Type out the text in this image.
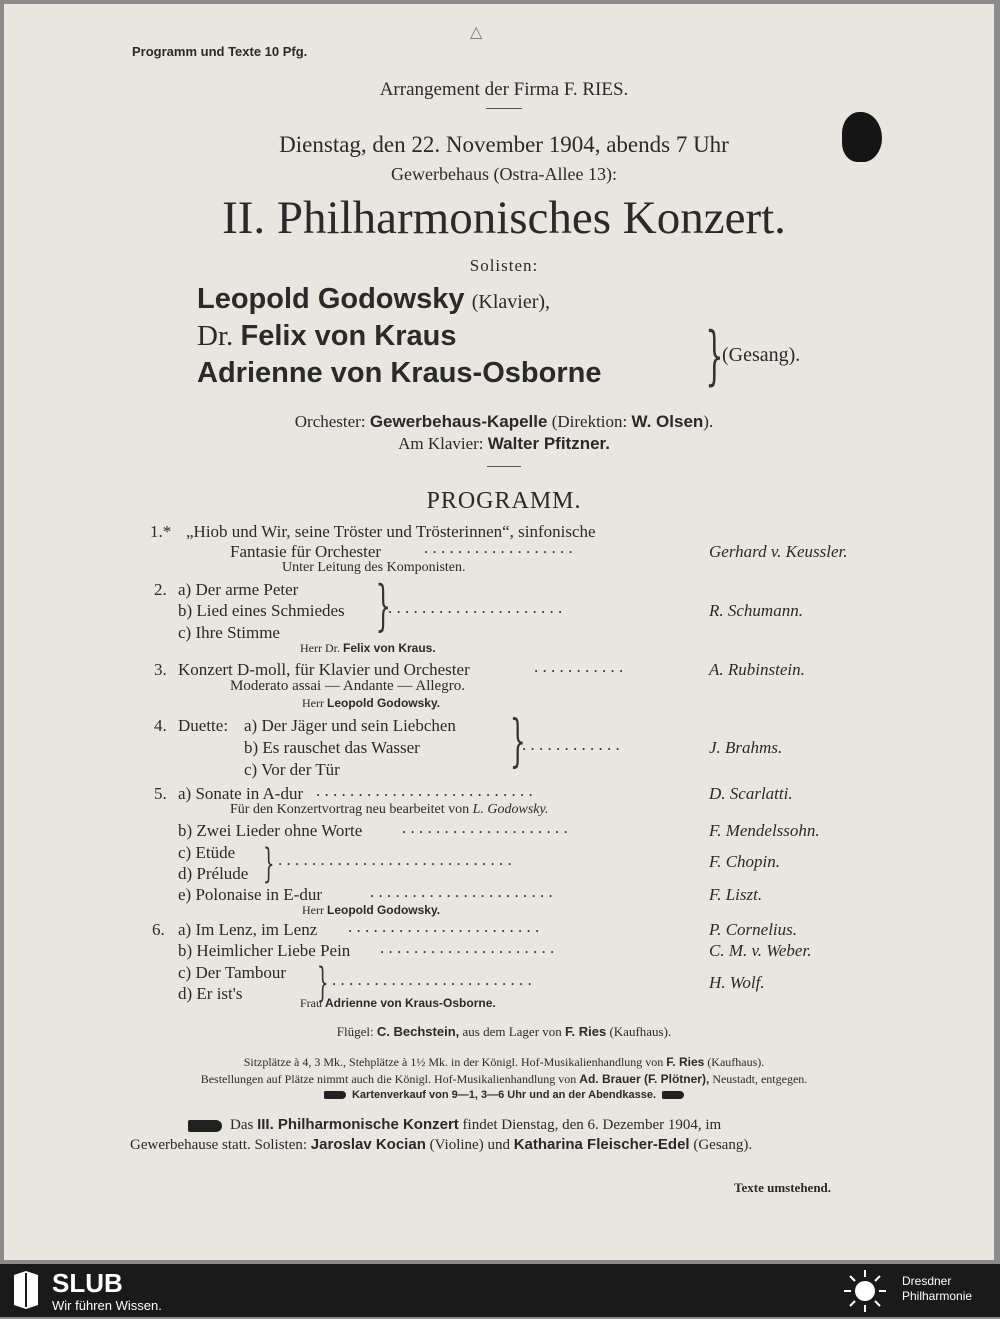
Programm und Texte 10 Pfg.
△
Arrangement der Firma F. RIES.
Dienstag, den 22. November 1904, abends 7 Uhr
Gewerbehaus (Ostra-Allee 13):
II. Philharmonisches Konzert.
Solisten:
Leopold Godowsky (Klavier),
Dr. Felix von Kraus
Adrienne von Kraus-Osborne }
(Gesang).
Orchester: Gewerbehaus-Kapelle (Direktion: W. Olsen).
Am Klavier: Walter Pfitzner.
PROGRAMM.
1.* „Hiob und Wir, seine Tröster und Trösterinnen“, sinfonische
Fantasie für Orchester	. . . . . . . . . . . . . . . . . .	Gerhard v. Keussler.
Unter Leitung des Komponisten.
2. a) Der arme Peter
b) Lied eines Schmiedes
c) Ihre Stimme }
. . . . . . . . . . . . . . . . . . . . .	R. Schumann.
Herr Dr. Felix von Kraus.
3. Konzert D-moll, für Klavier und Orchester	. . . . . . . . . . .	A. Rubinstein.
Moderato assai — Andante — Allegro.
Herr Leopold Godowsky.
4. Duette: a) Der Jäger und sein Liebchen
b) Es rauschet das Wasser
c) Vor der Tür	}
. . . . . . . . . . . .	J. Brahms.
5. a) Sonate in A-dur . . . . . . . . . . . . . . . . . . . . . . . . . .	D. Scarlatti.
Für den Konzertvortrag neu bearbeitet von L. Godowsky.
b) Zwei Lieder ohne Worte . . . . . . . . . . . . . . . . . . . .	F. Mendelssohn.
c) Etüde
d) Prélude } . . . . . . . . . . . . . . . . . . . . . . . . . . . .	F. Chopin.
e) Polonaise in E-dur	. . . . . . . . . . . . . . . . . . . . . .	F. Liszt.
Herr Leopold Godowsky.
6. a) Im Lenz, im Lenz . . . . . . . . . . . . . . . . . . . . . . .	P. Cornelius.
b) Heimlicher Liebe Pein . . . . . . . . . . . . . . . . . . . . .	C. M. v. Weber.
c) Der Tambour
d) Er ist's } . . . . . . . . . . . . . . . . . . . . . . . .	H. Wolf.
Frau Adrienne von Kraus-Osborne.
Flügel: C. Bechstein, aus dem Lager von F. Ries (Kaufhaus).
Sitzplätze à 4, 3 Mk., Stehplätze à 1½ Mk. in der Königl. Hof-Musikalienhandlung von F. Ries (Kaufhaus).
Bestellungen auf Plätze nimmt auch die Königl. Hof-Musikalienhandlung von Ad. Brauer (F. Plötner), Neustadt, entgegen.
Kartenverkauf von 9—1, 3—6 Uhr und an der Abendkasse.
Das III. Philharmonische Konzert findet Dienstag, den 6. Dezember 1904, im
Gewerbehause statt. Solisten: Jaroslav Kocian (Violine) und Katharina Fleischer-Edel (Gesang).
Texte umstehend.
SLUB
Wir führen Wissen.
Dresdner
Philharmonie
